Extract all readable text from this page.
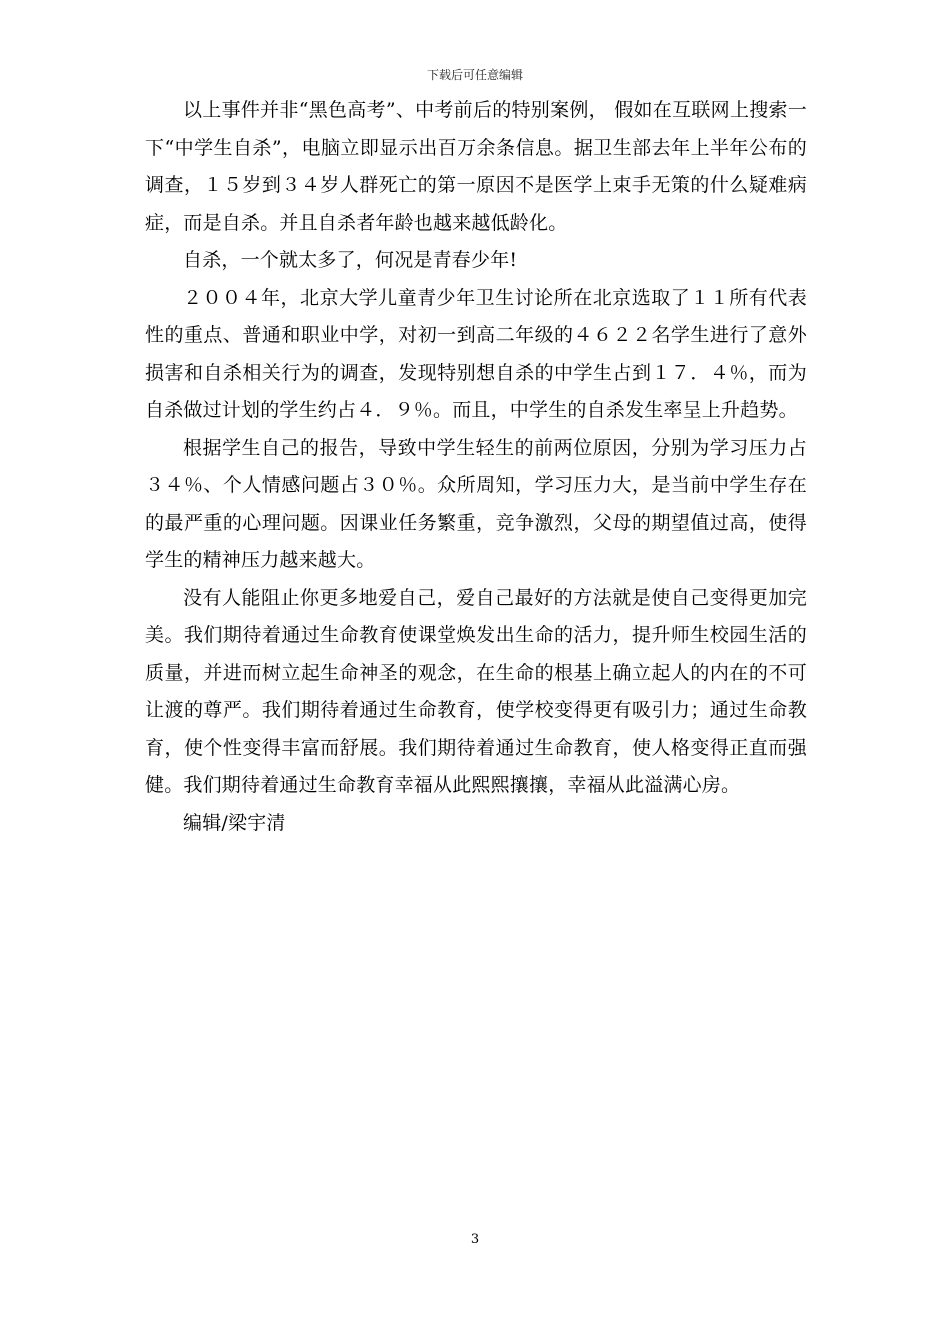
下载后可任意编辑

以上事件并非“黑色高考”、中考前后的特别案例， 假如在互联网上搜索一下“中学生自杀”，电脑立即显示出百万余条信息。据卫生部去年上半年公布的调查，１５岁到３４岁人群死亡的第一原因不是医学上束手无策的什么疑难病症，而是自杀。并且自杀者年龄也越来越低龄化。

自杀，一个就太多了，何况是青春少年!

２００４年，北京大学儿童青少年卫生讨论所在北京选取了１１所有代表性的重点、普通和职业中学，对初一到高二年级的４６２２名学生进行了意外损害和自杀相关行为的调查，发现特别想自杀的中学生占到１７．４％，而为自杀做过计划的学生约占４．９％。而且，中学生的自杀发生率呈上升趋势。

根据学生自己的报告，导致中学生轻生的前两位原因，分别为学习压力占３４％、个人情感问题占３０％。众所周知，学习压力大，是当前中学生存在的最严重的心理问题。因课业任务繁重，竞争激烈，父母的期望值过高，使得学生的精神压力越来越大。

没有人能阻止你更多地爱自己，爱自己最好的方法就是使自己变得更加完美。我们期待着通过生命教育使课堂焕发出生命的活力，提升师生校园生活的质量，并进而树立起生命神圣的观念，在生命的根基上确立起人的内在的不可让渡的尊严。我们期待着通过生命教育，使学校变得更有吸引力；通过生命教育，使个性变得丰富而舒展。我们期待着通过生命教育，使人格变得正直而强健。我们期待着通过生命教育幸福从此熙熙攘攘，幸福从此溢满心房。

编辑/梁宇清

3
